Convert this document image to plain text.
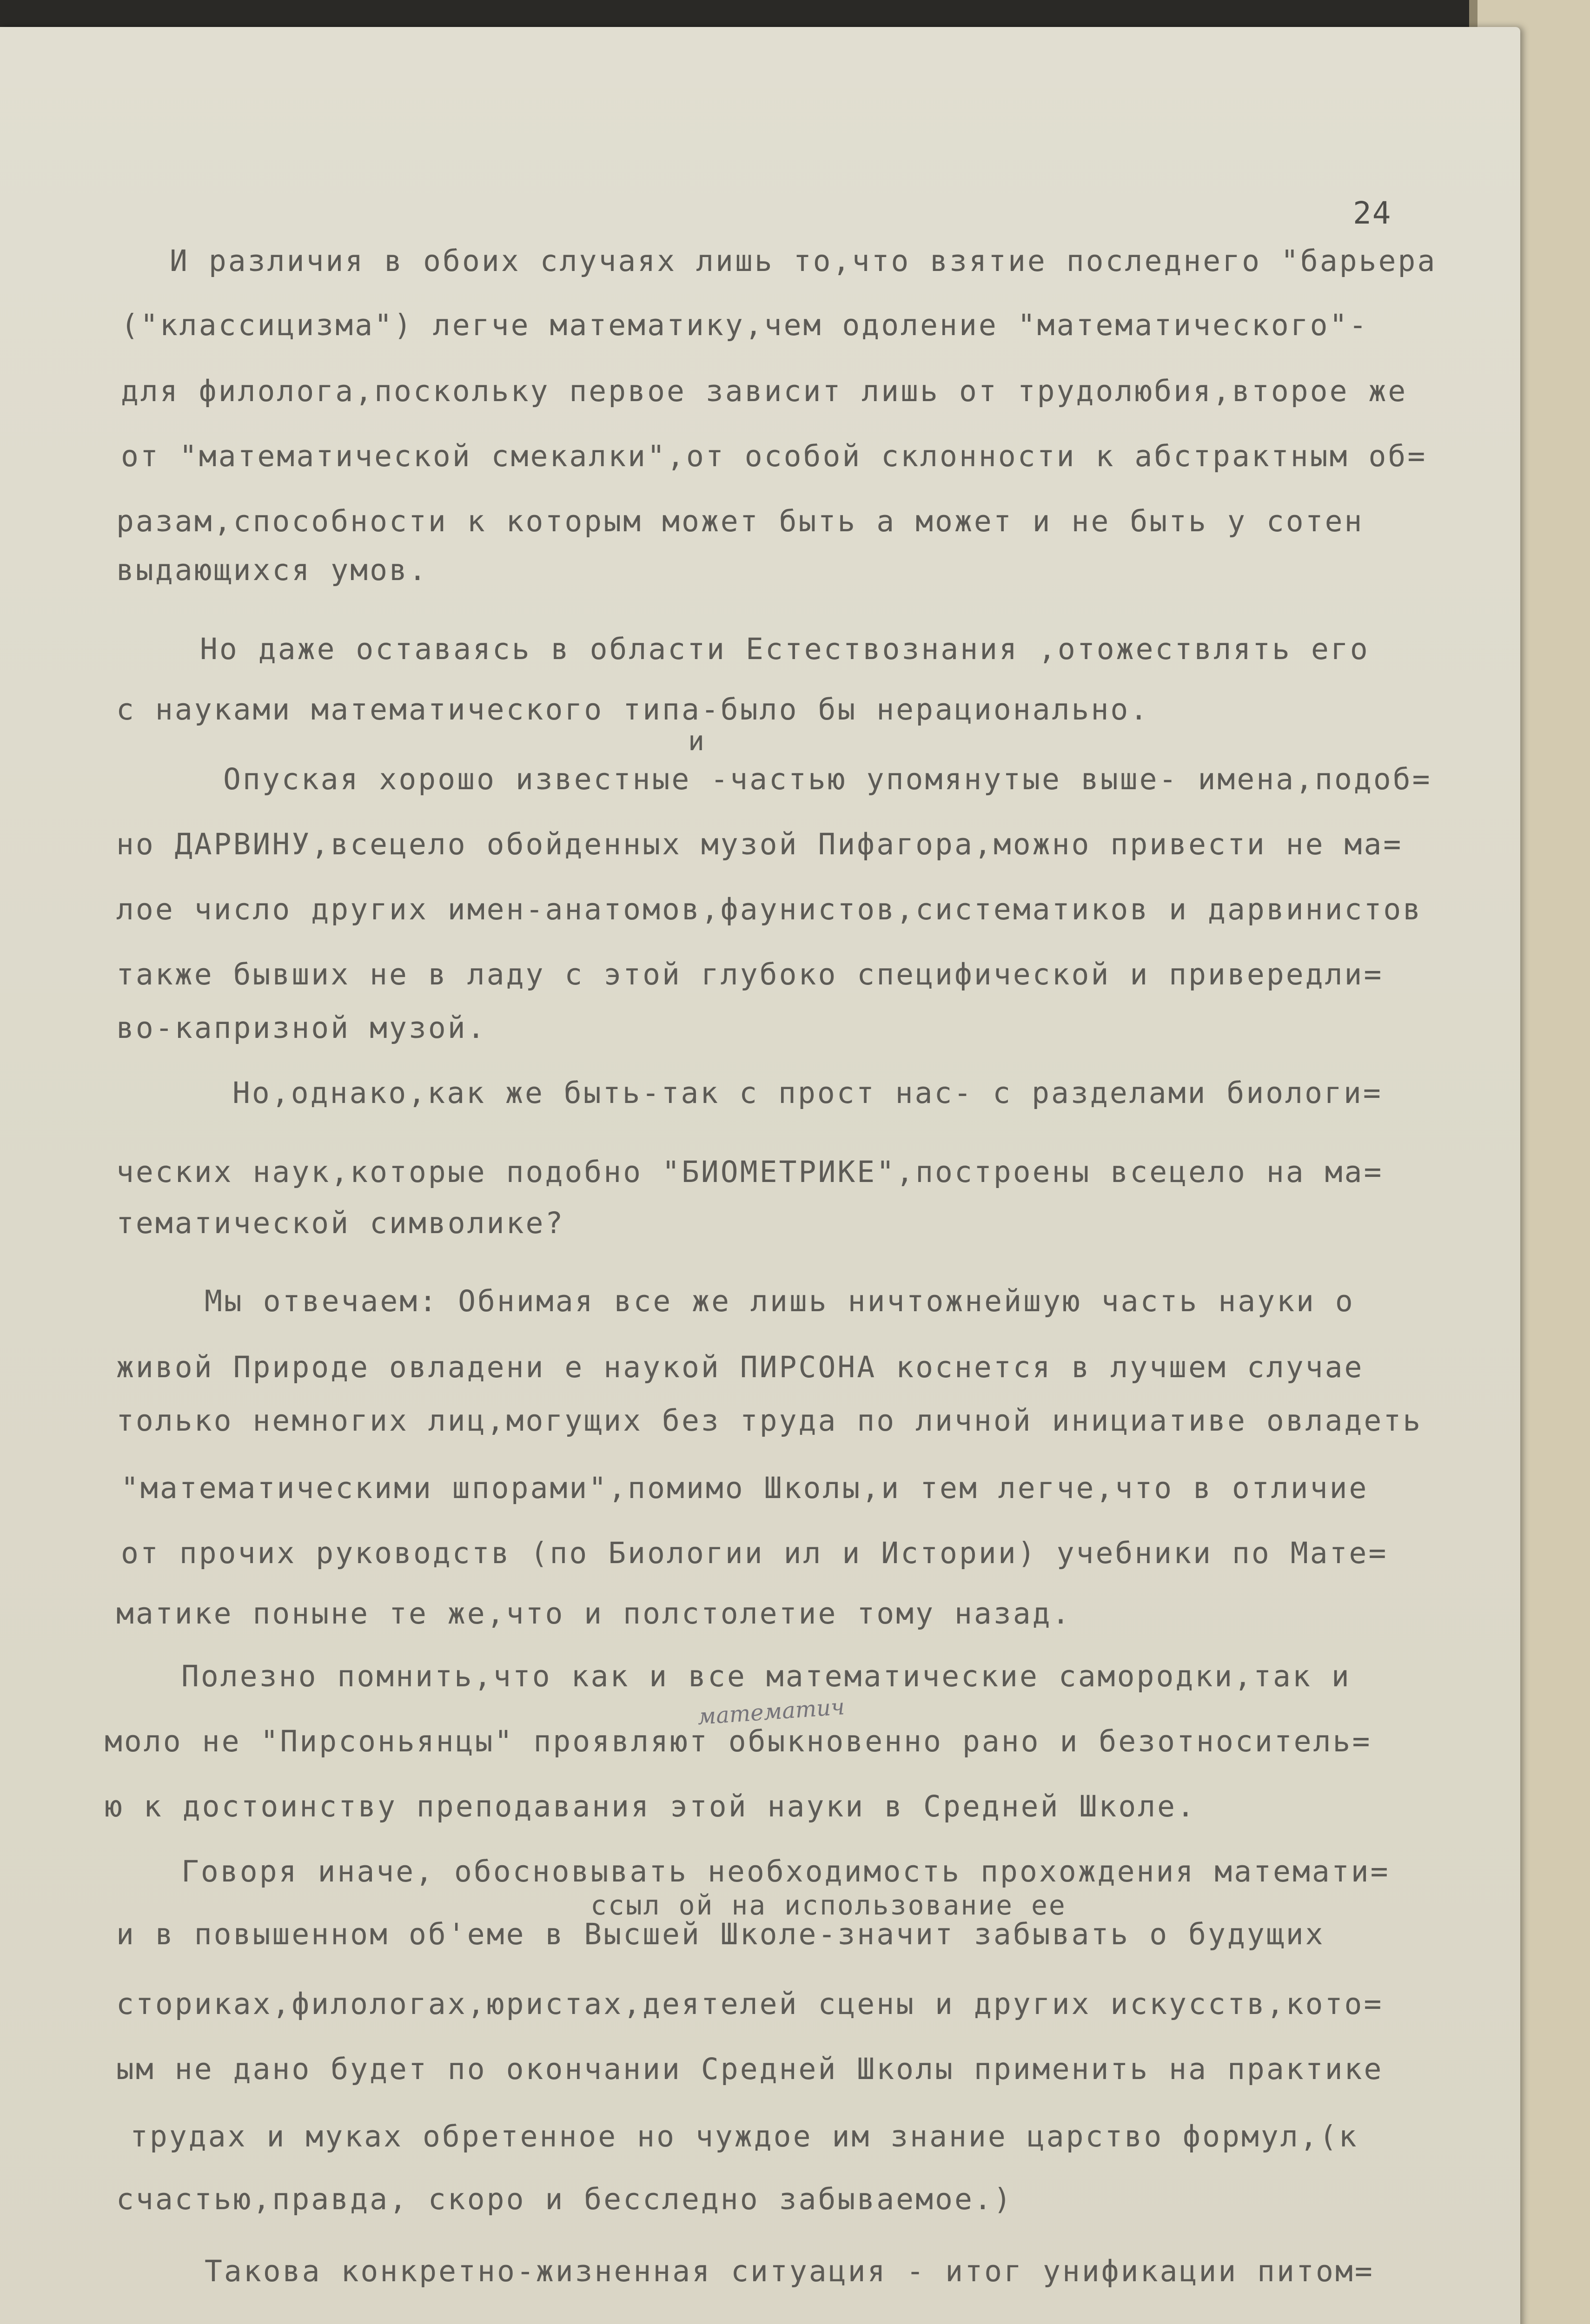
24
И различия в обоих случаях лишь то,что взятие последнего "барьера
("классицизма") легче математику,чем одоление "математического"-
для филолога,поскольку первое зависит лишь от трудолюбия,второе же
от "математической смекалки",от особой склонности к абстрактным об=
разам,способности к которым может быть а может и не быть у сотен
выдающихся умов.
Но даже оставаясь в области Естествознания ,отожествлять его
с науками математического типа-было бы нерационально.
и
Опуская хорошо известные -частью упомянутые выше- имена,подоб=
но ДАРВИНУ,всецело обойденных музой Пифагора,можно привести не ма=
лое число других имен-анатомов,фаунистов,систематиков и дарвинистов
также бывших не в ладу с этой глубоко специфической и привередли=
во-капризной музой.
Но,однако,как же быть-так с прост нас- с разделами биологи=
ческих наук,которые подобно "БИОМЕТРИКЕ",построены всецело на ма=
тематической символике?
Мы отвечаем: Обнимая все же лишь ничтожнейшую часть науки о
живой Природе овладени е наукой ПИРСОНА коснется в лучшем случае
только немногих лиц,могущих без труда по личной инициативе овладеть
"математическими шпорами",помимо Школы,и тем легче,что в отличие
от прочих руководств (по Биологии ил и Истории) учебники по Мате=
матике поныне те же,что и полстолетие тому назад.
Полезно помнить,что как и все математические самородки,так и
моло не "Пирсоньянцы" проявляют обыкновенно рано и безотноситель=
математич
ю к достоинству преподавания этой науки в Средней Школе.
Говоря иначе, обосновывать необходимость прохождения математи=
ссыл ой на использование ее
и в повышенном об'еме в Высшей Школе-значит забывать о будущих
сториках,филологах,юристах,деятелей сцены и других искусств,кото=
ым не дано будет по окончании Средней Школы применить на практике
трудах и муках обретенное но чуждое им знание царство формул,(к
счастью,правда, скоро и бесследно забываемое.)
Такова конкретно-жизненная ситуация - итог унификации питом=
